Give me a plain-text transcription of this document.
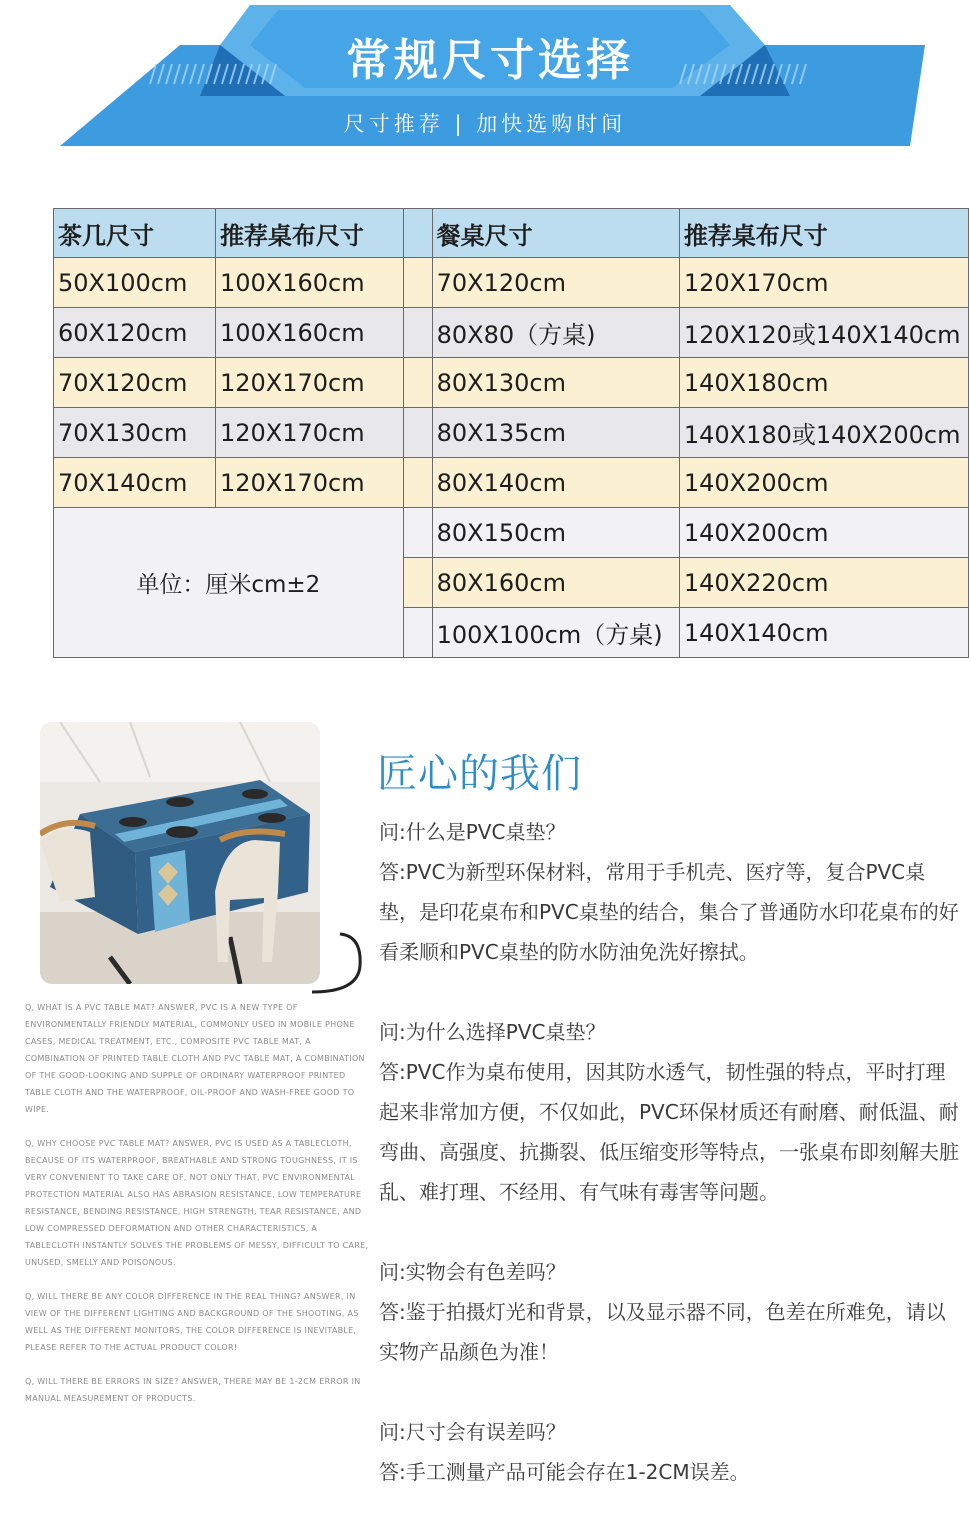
常规尺寸选择
尺寸推荐 | 加快选购时间
茶几尺寸	推荐桌布尺寸		餐桌尺寸	推荐桌布尺寸
50X100cm	100X160cm		70X120cm	120X170cm
60X120cm	100X160cm		80X80（方桌)	120X120或140X140cm
70X120cm	120X170cm		80X130cm	140X180cm
70X130cm	120X170cm		80X135cm	140X180或140X200cm
70X140cm	120X170cm		80X140cm	140X200cm
单位：厘米cm±2			80X150cm	140X200cm
			80X160cm	140X220cm
			100X100cm（方桌)	140X140cm

Q, WHAT IS A PVC TABLE MAT? ANSWER, PVC IS A NEW TYPE OF ENVIRONMENTALLY FRIENDLY MATERIAL, COMMONLY USED IN MOBILE PHONE CASES, MEDICAL TREATMENT, ETC., COMPOSITE PVC TABLE MAT, A COMBINATION OF PRINTED TABLE CLOTH AND PVC TABLE MAT, A COMBINATION OF THE GOOD-LOOKING AND SUPPLE OF ORDINARY WATERPROOF PRINTED TABLE CLOTH AND THE WATERPROOF, OIL-PROOF AND WASH-FREE GOOD TO WIPE.

Q, WHY CHOOSE PVC TABLE MAT? ANSWER, PVC IS USED AS A TABLECLOTH, BECAUSE OF ITS WATERPROOF, BREATHABLE AND STRONG TOUGHNESS, IT IS VERY CONVENIENT TO TAKE CARE OF, NOT ONLY THAT, PVC ENVIRONMENTAL PROTECTION MATERIAL ALSO HAS ABRASION RESISTANCE, LOW TEMPERATURE RESISTANCE, BENDING RESISTANCE, HIGH STRENGTH, TEAR RESISTANCE, AND LOW COMPRESSED DEFORMATION AND OTHER CHARACTERISTICS, A TABLECLOTH INSTANTLY SOLVES THE PROBLEMS OF MESSY, DIFFICULT TO CARE, UNUSED, SMELLY AND POISONOUS.

Q, WILL THERE BE ANY COLOR DIFFERENCE IN THE REAL THING? ANSWER, IN VIEW OF THE DIFFERENT LIGHTING AND BACKGROUND OF THE SHOOTING, AS WELL AS THE DIFFERENT MONITORS, THE COLOR DIFFERENCE IS INEVITABLE, PLEASE REFER TO THE ACTUAL PRODUCT COLOR!

Q, WILL THERE BE ERRORS IN SIZE? ANSWER, THERE MAY BE 1-2CM ERROR IN MANUAL MEASUREMENT OF PRODUCTS.

匠心的我们

问:什么是PVC桌垫？

答:PVC为新型环保材料，常用于手机壳、医疗等，复合PVC桌垫，是印花桌布和PVC桌垫的结合，集合了普通防水印花桌布的好看柔顺和PVC桌垫的防水防油免洗好擦拭。

问:为什么选择PVC桌垫？

答:PVC作为桌布使用，因其防水透气，韧性强的特点，平时打理起来非常加方便，不仅如此，PVC环保材质还有耐磨、耐低温、耐弯曲、高强度、抗撕裂、低压缩变形等特点，一张桌布即刻解夫脏乱、难打理、不经用、有气味有毒害等问题。

问:实物会有色差吗？

答:鉴于拍摄灯光和背景，以及显示器不同，色差在所难免，请以实物产品颜色为准！

问:尺寸会有误差吗？

答:手工测量产品可能会存在1-2CM误差。
